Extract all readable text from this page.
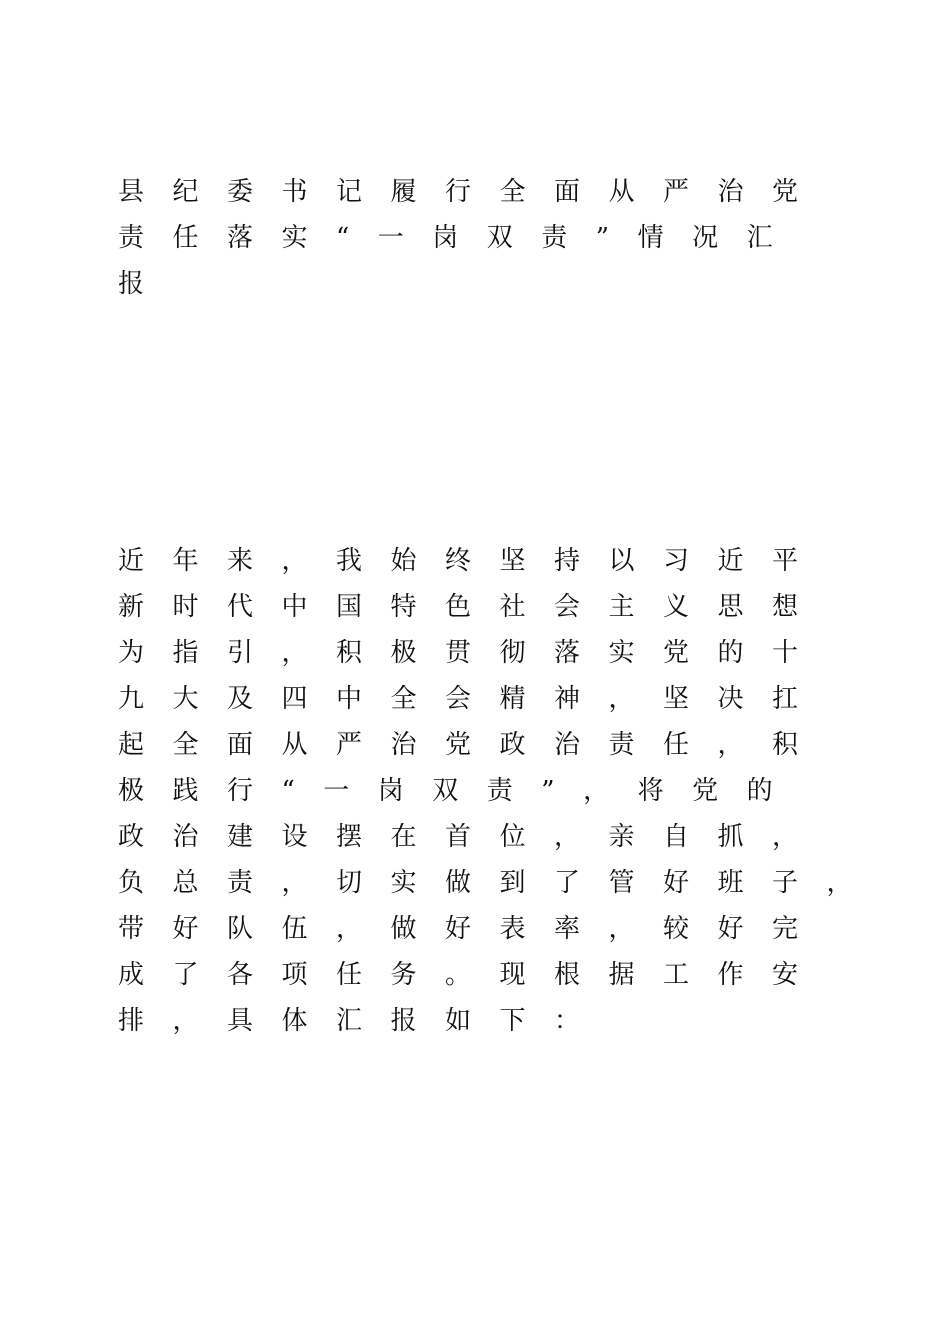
县纪委书记履行全面从严治党
责任落实“一岗双责”情况汇
报
近年来，我始终坚持以习近平
新时代中国特色社会主义思想
为指引，积极贯彻落实党的十
九大及四中全会精神，坚决扛
起全面从严治党政治责任，积
极践行“一岗双责”，将党的
政治建设摆在首位，亲自抓，
负总责，切实做到了管好班子，
带好队伍，做好表率，较好完
成了各项任务。现根据工作安
排，具体汇报如下：
